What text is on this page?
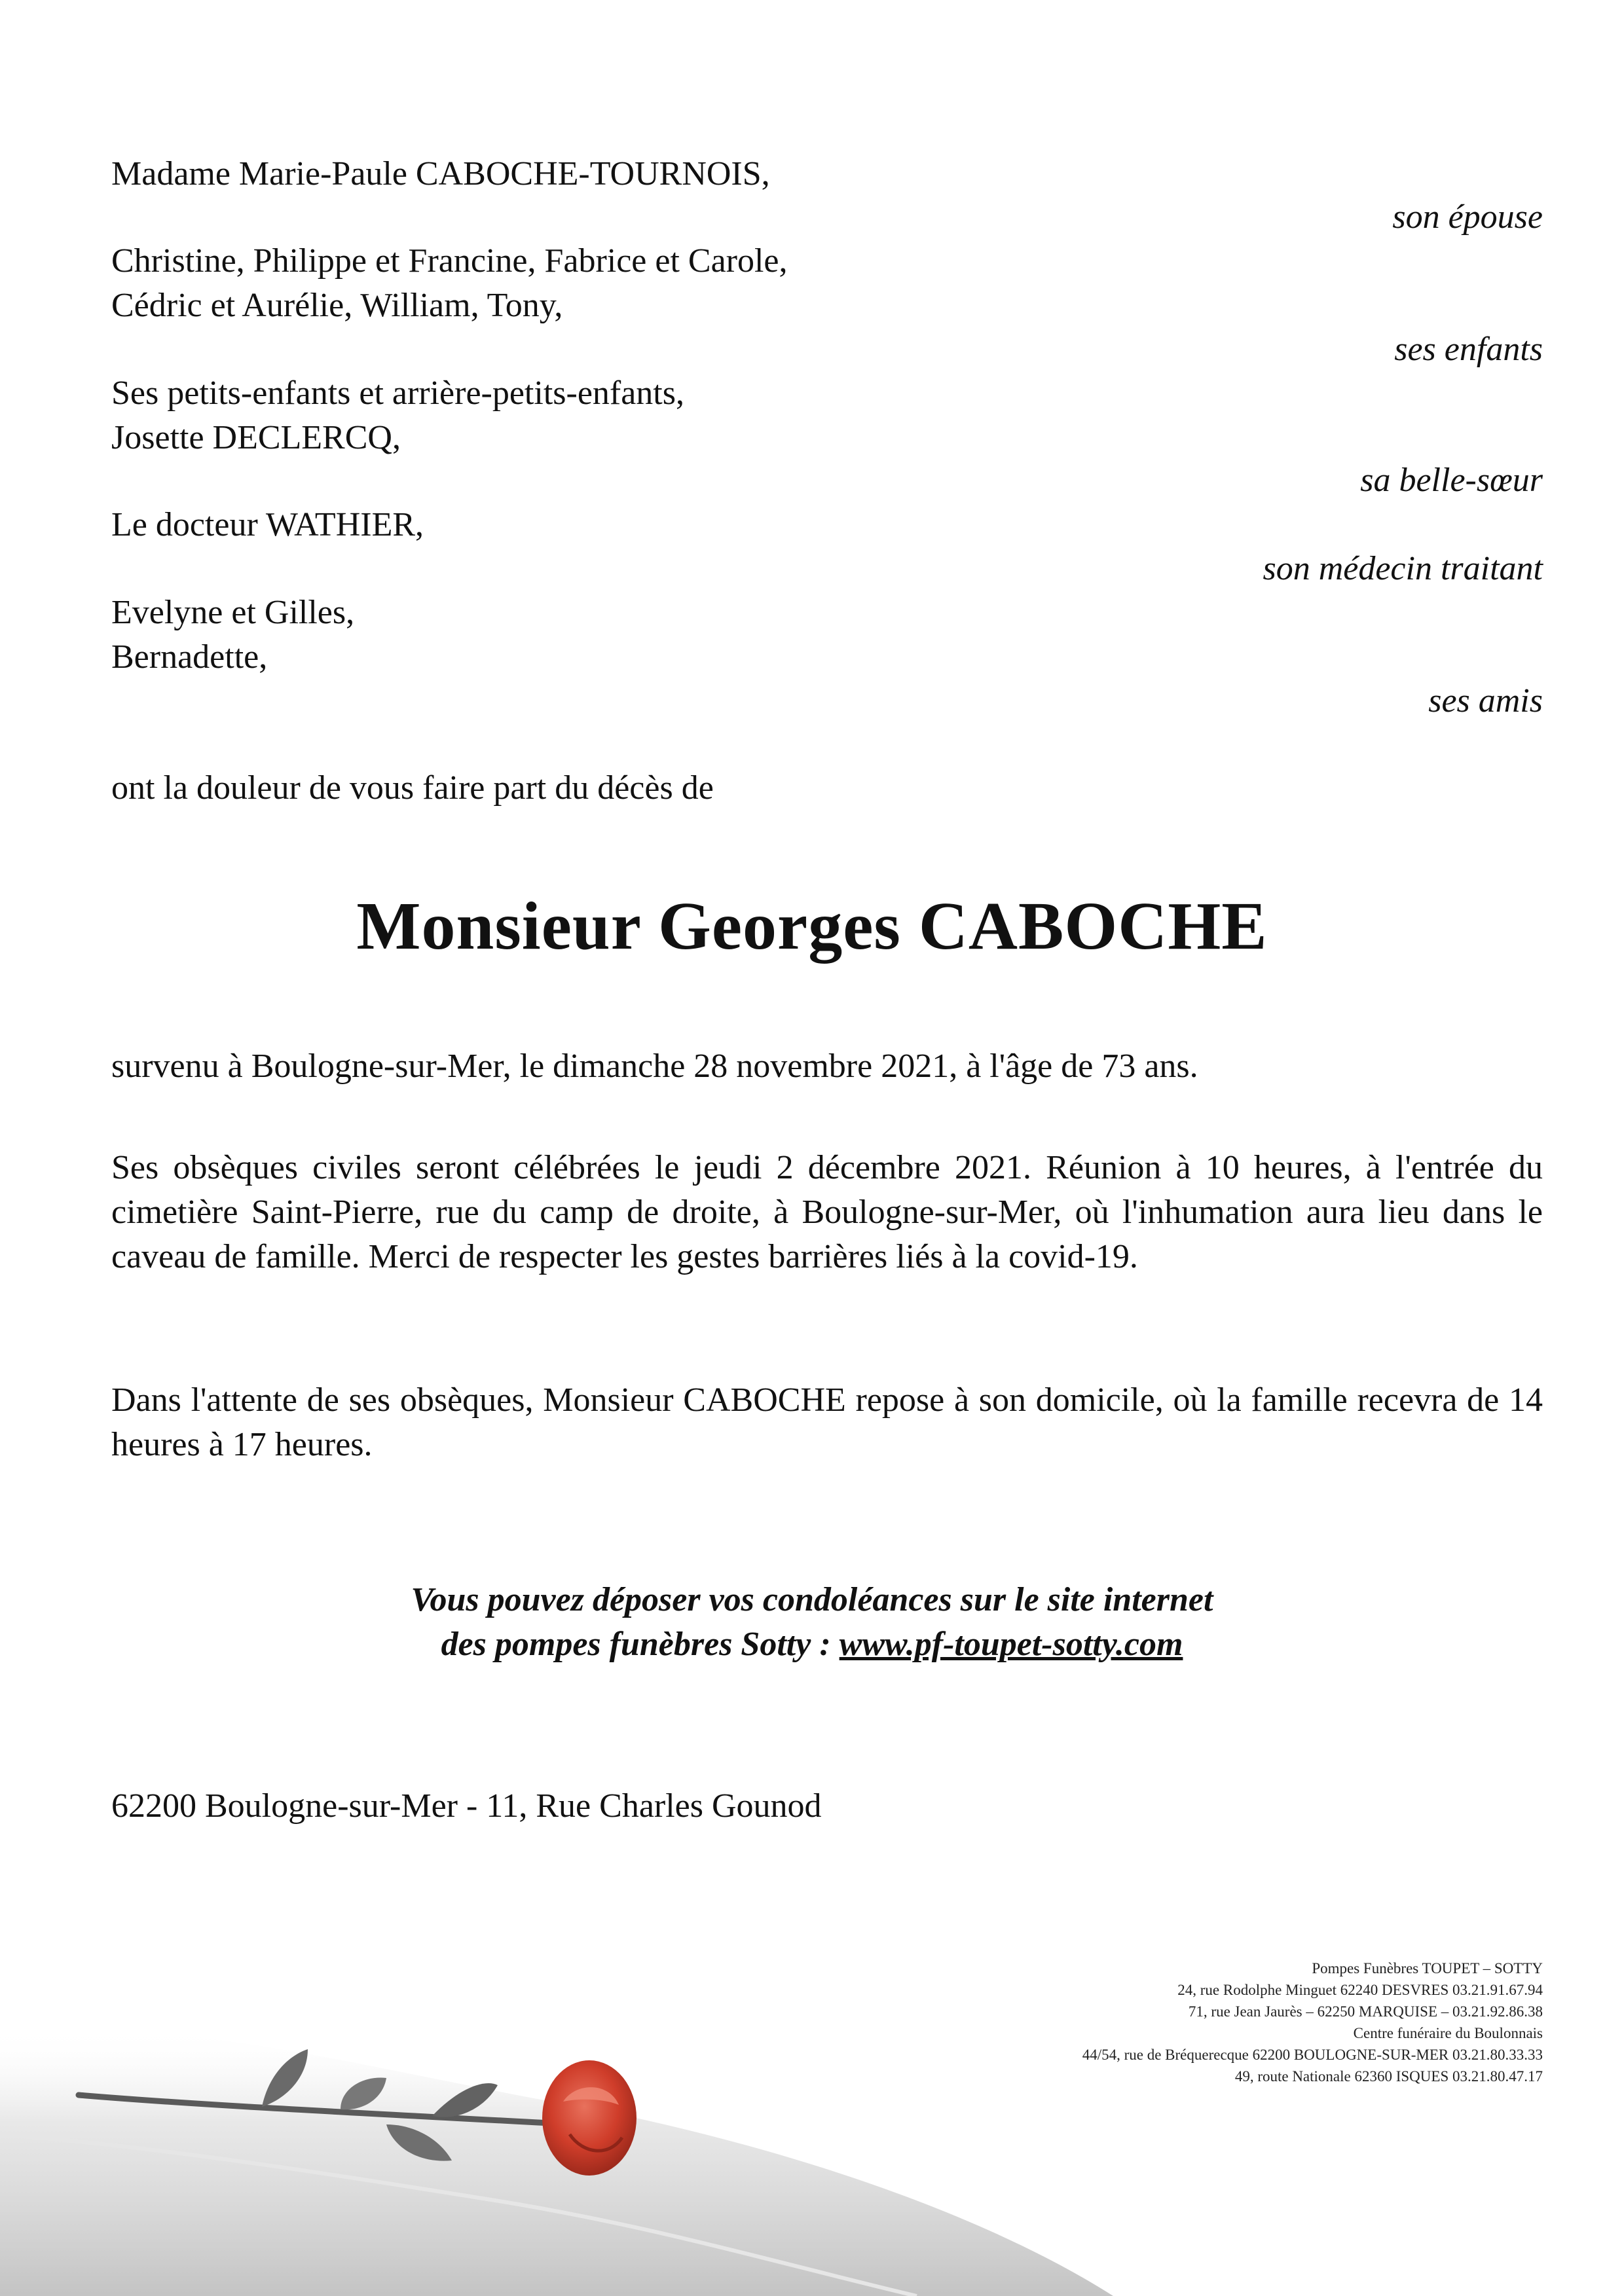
Madame Marie-Paule CABOCHE-TOURNOIS,

son épouse

Christine, Philippe et Francine, Fabrice et Carole,

Cédric et Aurélie, William, Tony,

ses enfants

Ses petits-enfants et arrière-petits-enfants,

Josette DECLERCQ,

sa belle-sœur

Le docteur WATHIER,

son médecin traitant

Evelyne et Gilles,

Bernadette,

ses amis

ont la douleur de vous faire part du décès de

Monsieur Georges CABOCHE

survenu à Boulogne-sur-Mer, le dimanche 28 novembre 2021, à l'âge de 73 ans.

Ses obsèques civiles seront célébrées le jeudi 2 décembre 2021. Réunion à 10 heures, à l'entrée du cimetière Saint-Pierre, rue du camp de droite, à Boulogne-sur-Mer, où l'inhumation aura lieu dans le caveau de famille. Merci de respecter les gestes barrières liés à la covid-19.

Dans l'attente de ses obsèques, Monsieur CABOCHE repose à son domicile, où la famille recevra de 14 heures à 17 heures.

Vous pouvez déposer vos condoléances sur le site internet

des pompes funèbres Sotty : www.pf-toupet-sotty.com

62200 Boulogne-sur-Mer - 11, Rue Charles Gounod

Pompes Funèbres TOUPET – SOTTY
24, rue Rodolphe Minguet 62240 DESVRES 03.21.91.67.94
71, rue Jean Jaurès – 62250 MARQUISE – 03.21.92.86.38
Centre funéraire du Boulonnais
44/54, rue de Bréquerecque 62200 BOULOGNE-SUR-MER 03.21.80.33.33
49, route Nationale 62360 ISQUES 03.21.80.47.17
